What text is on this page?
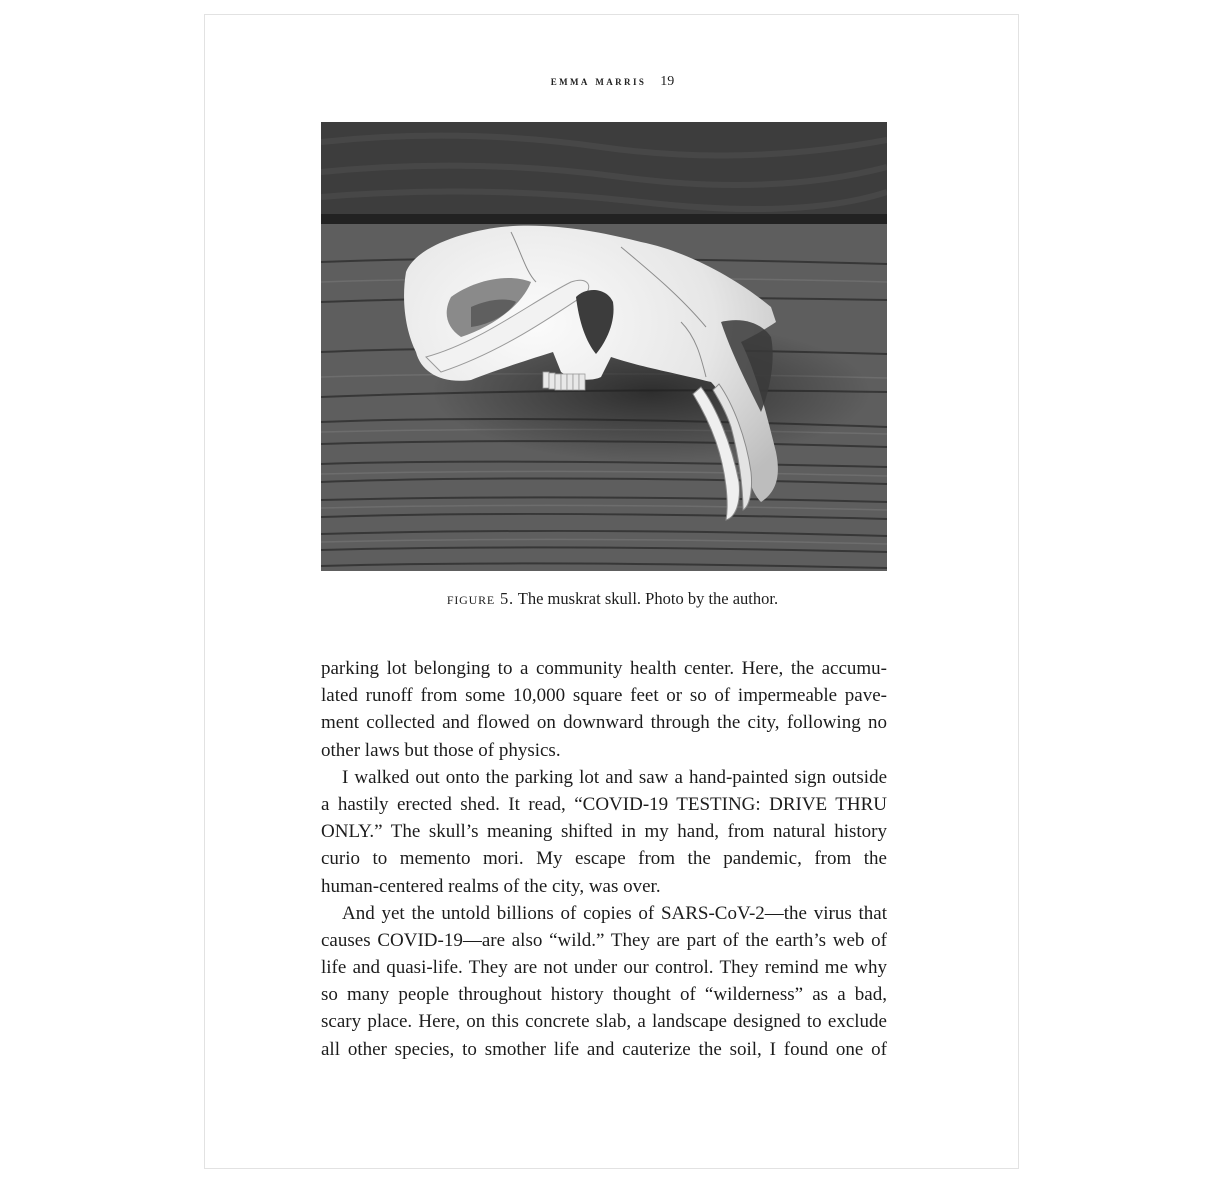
emma marris 19
figure 5. The muskrat skull. Photo by the author.
parking lot belonging to a community health center. Here, the accumu-
lated runoff from some 10,000 square feet or so of impermeable pave-
ment collected and flowed on downward through the city, following no
other laws but those of physics.
I walked out onto the parking lot and saw a hand-painted sign outside
a hastily erected shed. It read, “COVID-19 TESTING: DRIVE THRU
ONLY.” The skull’s meaning shifted in my hand, from natural history
curio to memento mori. My escape from the pandemic, from the
human-centered realms of the city, was over.
And yet the untold billions of copies of SARS-CoV-2—the virus that
causes COVID-19—are also “wild.” They are part of the earth’s web of
life and quasi-life. They are not under our control. They remind me why
so many people throughout history thought of “wilderness” as a bad,
scary place. Here, on this concrete slab, a landscape designed to exclude
all other species, to smother life and cauterize the soil, I found one of
